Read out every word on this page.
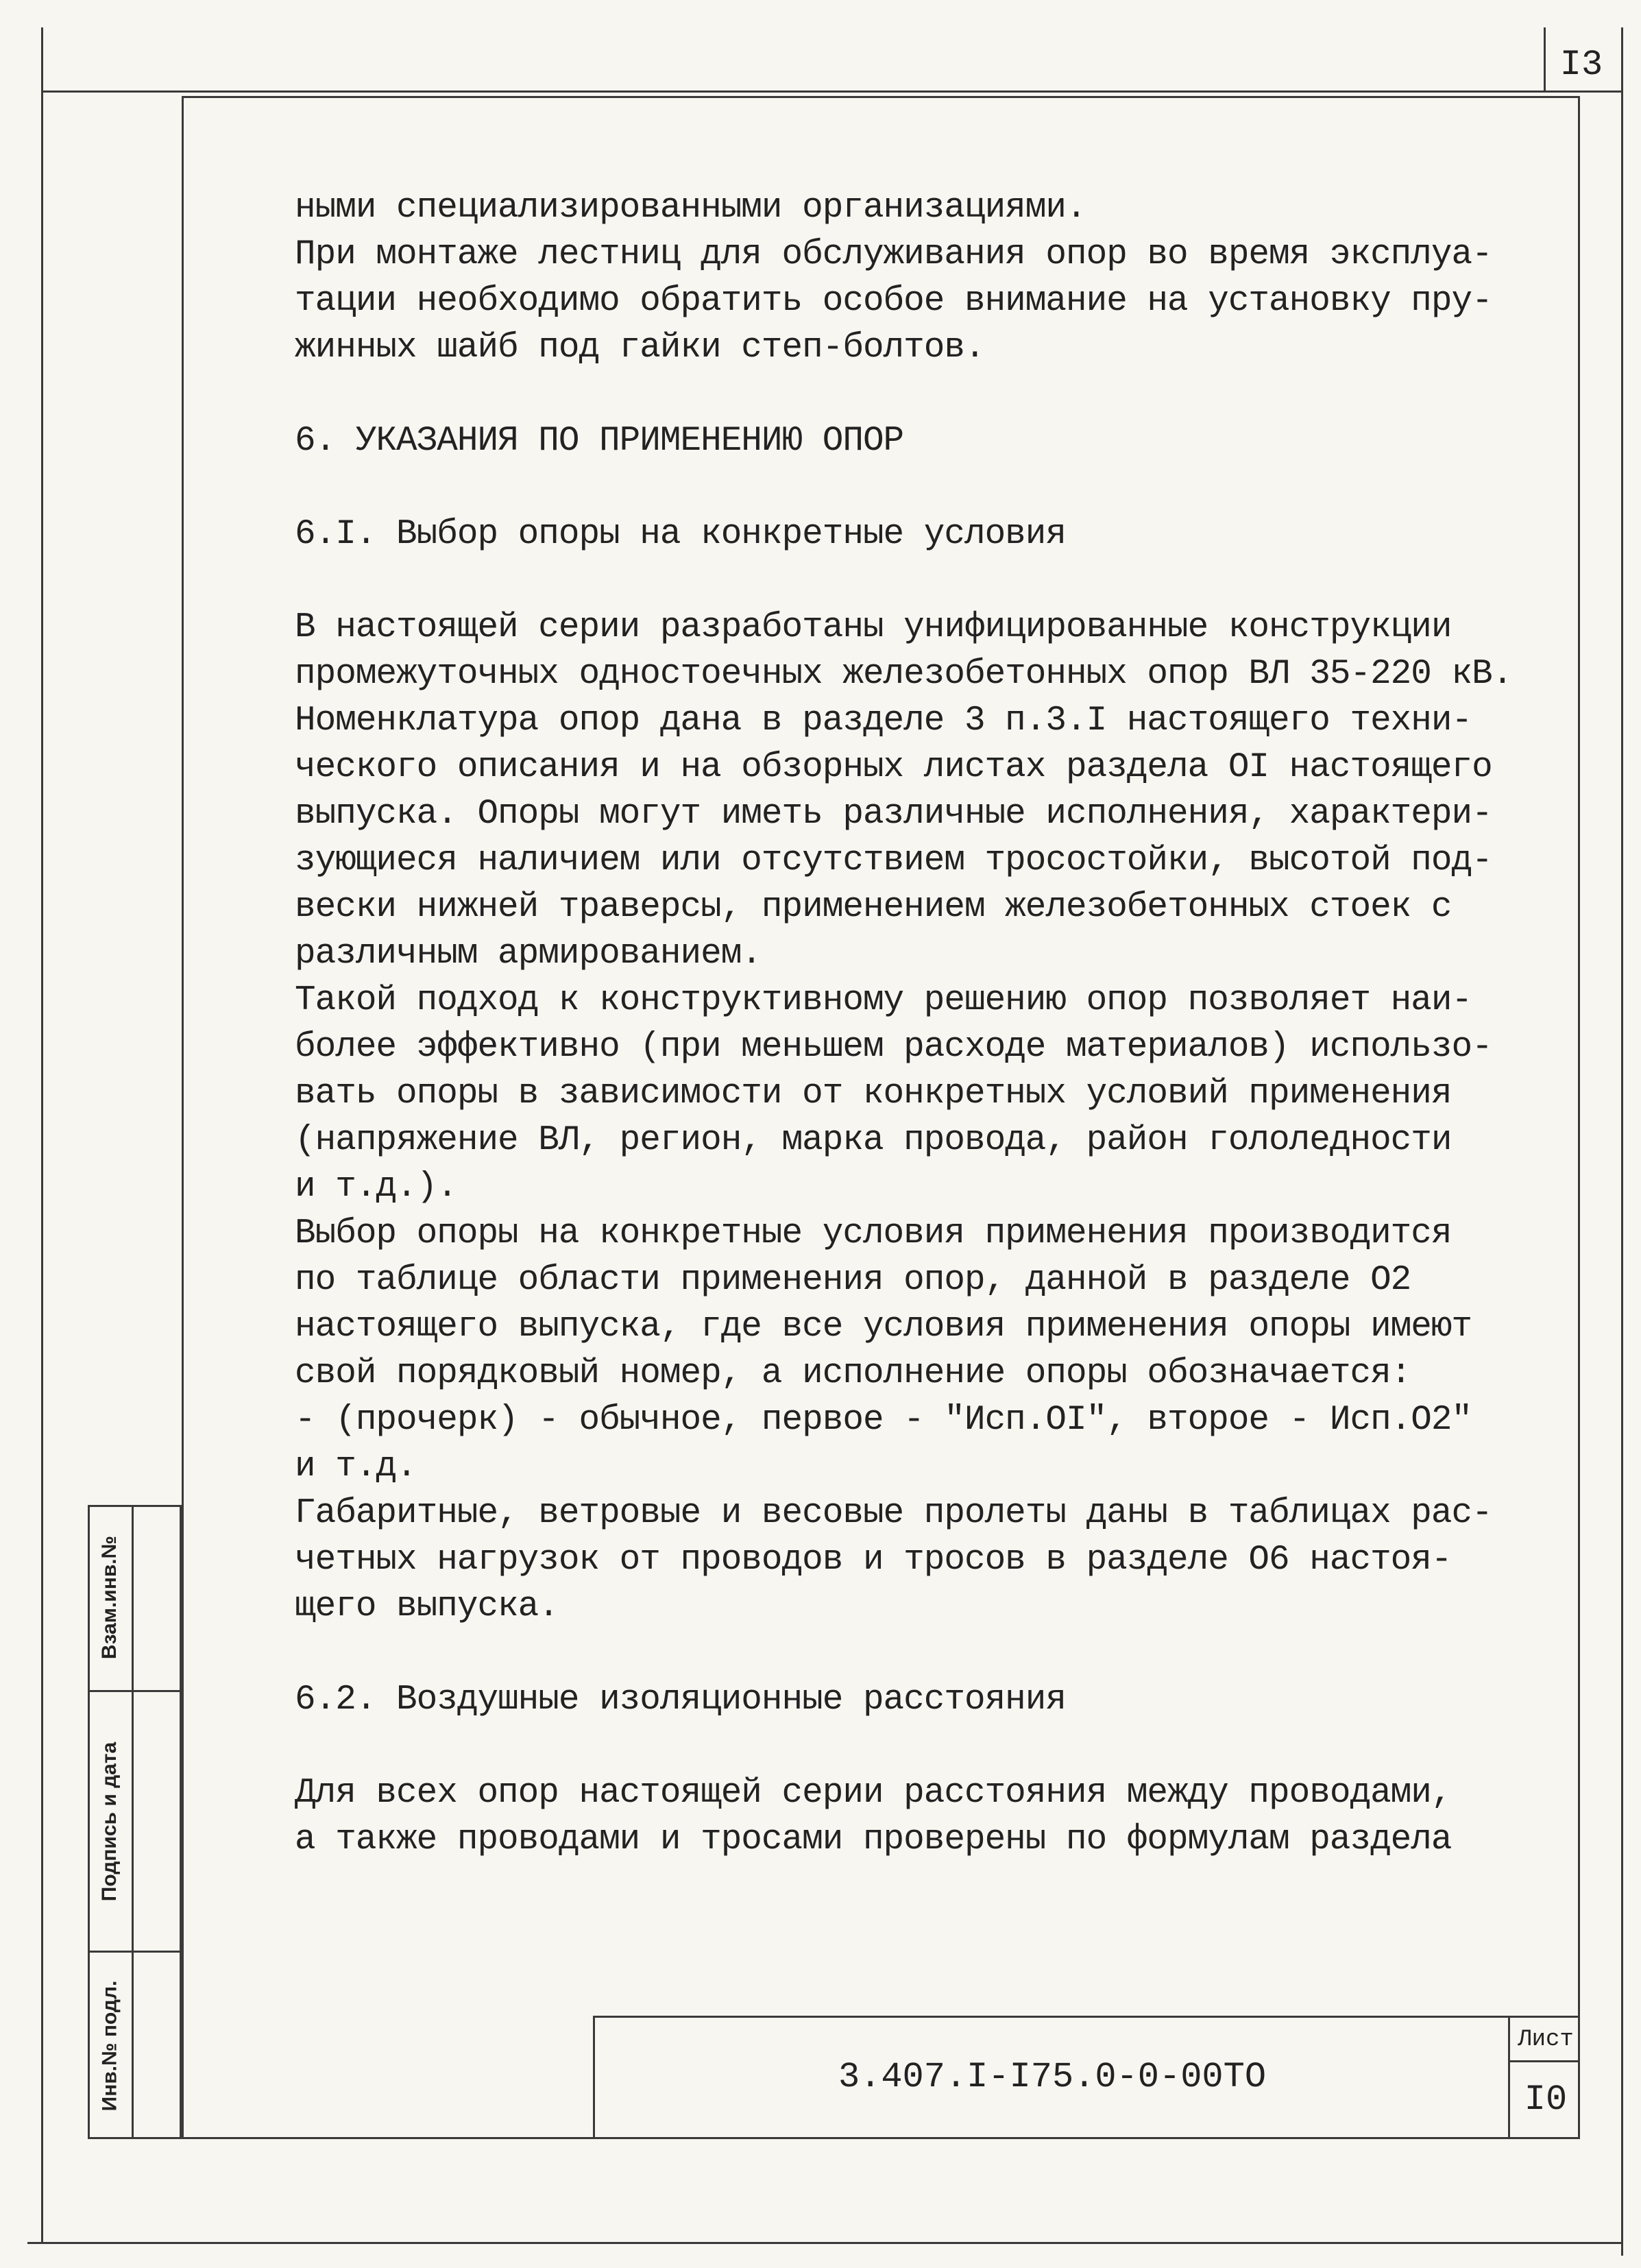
I3
Взам.инв.№
Подпись и дата
Инв.№ подл.

ными специализированными организациями.

При монтаже лестниц для обслуживания опор во время эксплуа-

тации необходимо обратить особое внимание на установку пру-

жинных шайб под гайки степ-болтов.

6. УКАЗАНИЯ ПО ПРИМЕНЕНИЮ ОПОР

6.I. Выбор опоры на конкретные условия

В настоящей серии разработаны унифицированные конструкции

промежуточных одностоечных железобетонных опор ВЛ 35-220 кВ.

Номенклатура опор дана в разделе 3 п.3.I настоящего техни-

ческого описания и на обзорных листах раздела OI настоящего

выпуска. Опоры могут иметь различные исполнения, характери-

зующиеся наличием или отсутствием тросостойки, высотой под-

вески нижней траверсы, применением железобетонных стоек с

различным армированием.

Такой подход к конструктивному решению опор позволяет наи-

более эффективно (при меньшем расходе материалов) использо-

вать опоры в зависимости от конкретных условий применения

(напряжение ВЛ, регион, марка провода, район гололедности

и т.д.).

Выбор опоры на конкретные условия применения производится

по таблице области применения опор, данной в разделе O2

настоящего выпуска, где все условия применения опоры имеют

свой порядковый номер, а исполнение опоры обозначается:

- (прочерк) - обычное, первое - "Исп.OI", второе - Исп.O2"

и т.д.

Габаритные, ветровые и весовые пролеты даны в таблицах рас-

четных нагрузок от проводов и тросов в разделе O6 настоя-

щего выпуска.

6.2. Воздушные изоляционные расстояния

Для всех опор настоящей серии расстояния между проводами,

а также проводами и тросами проверены по формулам раздела

3.407.I-I75.0-0-00ТО
Лист
I0
